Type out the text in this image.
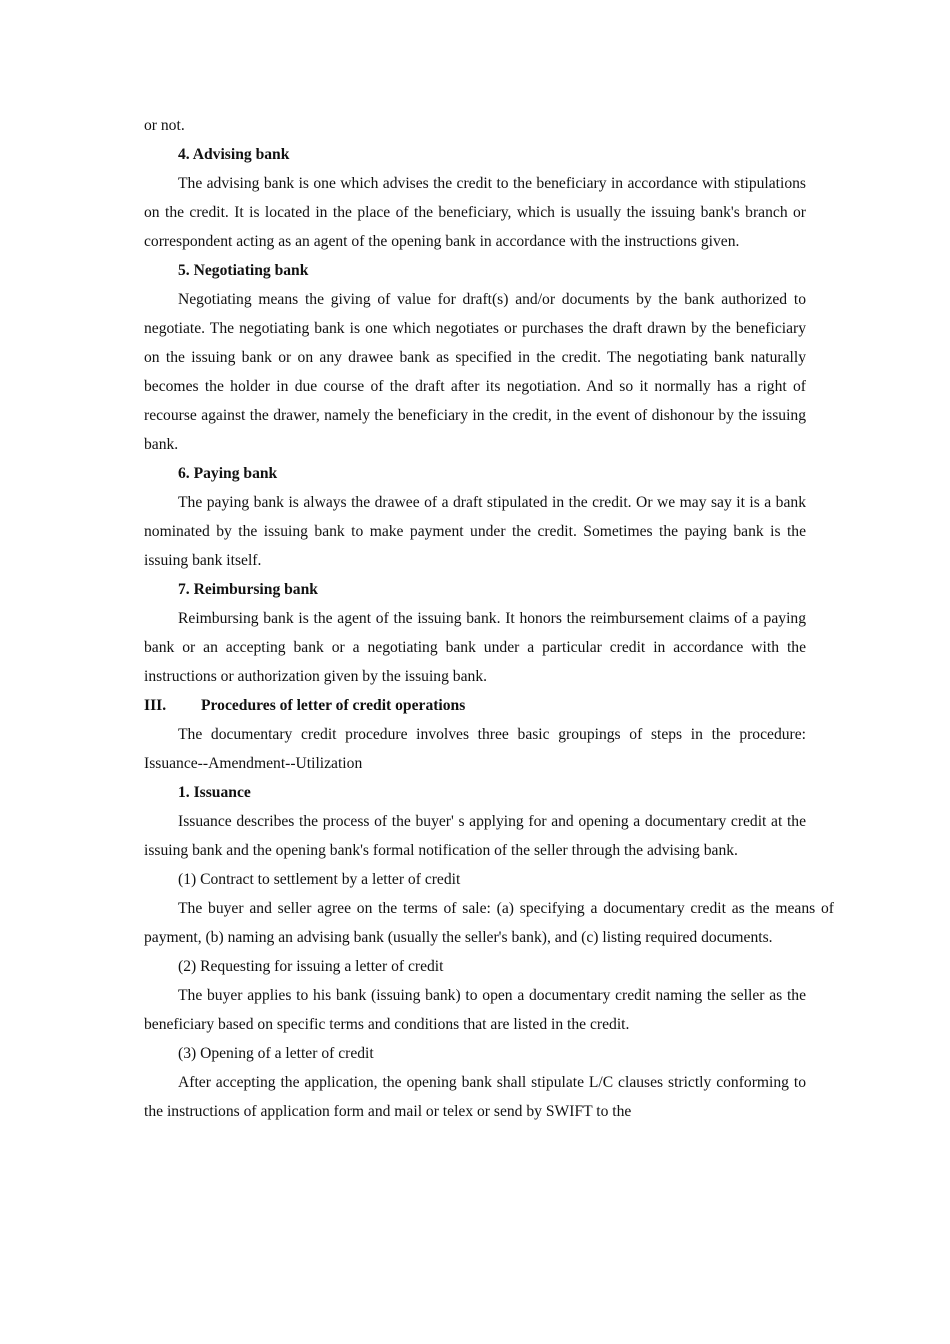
or not.

4. Advising bank

The advising bank is one which advises the credit to the beneficiary in accordance with stipulations on the credit. It is located in the place of the beneficiary, which is usually the issuing bank's branch or correspondent acting as an agent of the opening bank in accordance with the instructions given.

5. Negotiating bank

Negotiating means the giving of value for draft(s) and/or documents by the bank authorized to negotiate. The negotiating bank is one which negotiates or purchases the draft drawn by the beneficiary on the issuing bank or on any drawee bank as specified in the credit. The negotiating bank naturally becomes the holder in due course of the draft after its negotiation. And so it normally has a right of recourse against the drawer, namely the beneficiary in the credit, in the event of dishonour by the issuing bank.

6. Paying bank

The paying bank is always the drawee of a draft stipulated in the credit. Or we may say it is a bank nominated by the issuing bank to make payment under the credit. Sometimes the paying bank is the issuing bank itself.

7. Reimbursing bank

Reimbursing bank is the agent of the issuing bank. It honors the reimbursement claims of a paying bank or an accepting bank or a negotiating bank under a particular credit in accordance with the instructions or authorization given by the issuing bank.

III. Procedures of letter of credit operations

The documentary credit procedure involves three basic groupings of steps in the procedure: Issuance--Amendment--Utilization

1. Issuance

Issuance describes the process of the buyer' s applying for and opening a documentary credit at the issuing bank and the opening bank's formal notification of the seller through the advising bank.

(1) Contract to settlement by a letter of credit

The buyer and seller agree on the terms of sale: (a) specifying a documentary credit as the means of payment, (b) naming an advising bank (usually the seller's bank), and (c) listing required documents.

(2) Requesting for issuing a letter of credit

The buyer applies to his bank (issuing bank) to open a documentary credit naming the seller as the beneficiary based on specific terms and conditions that are listed in the credit.

(3) Opening of a letter of credit

After accepting the application, the opening bank shall stipulate L/C clauses strictly conforming to the instructions of application form and mail or telex or send by SWIFT to the
